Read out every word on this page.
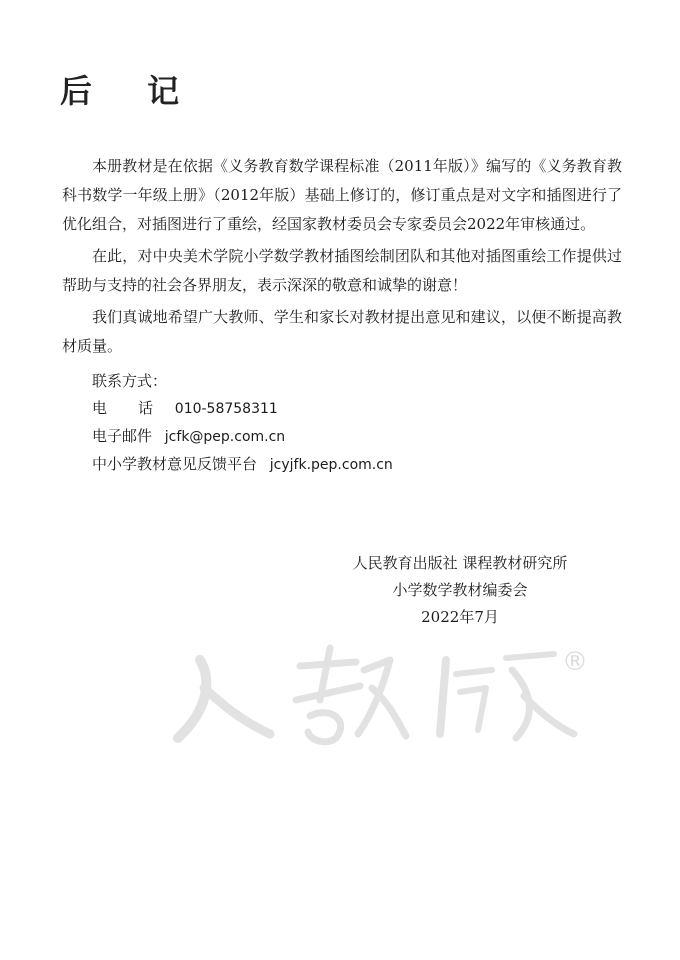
后 记

本册教材是在依据《义务教育数学课程标准（2011年版）》编写的《义务教育教科书数学一年级上册》（2012年版）基础上修订的，修订重点是对文字和插图进行了优化组合，对插图进行了重绘，经国家教材委员会专家委员会2022年审核通过。

在此，对中央美术学院小学数学教材插图绘制团队和其他对插图重绘工作提供过帮助与支持的社会各界朋友，表示深深的敬意和诚挚的谢意！

我们真诚地希望广大教师、学生和家长对教材提出意见和建议，以便不断提高教材质量。

联系方式：
电 话 010-58758311
电子邮件 jcfk@pep.com.cn
中小学教材意见反馈平台 jcyjfk.pep.com.cn
人民教育出版社 课程教材研究所
小学数学教材编委会
2022年7月
®
